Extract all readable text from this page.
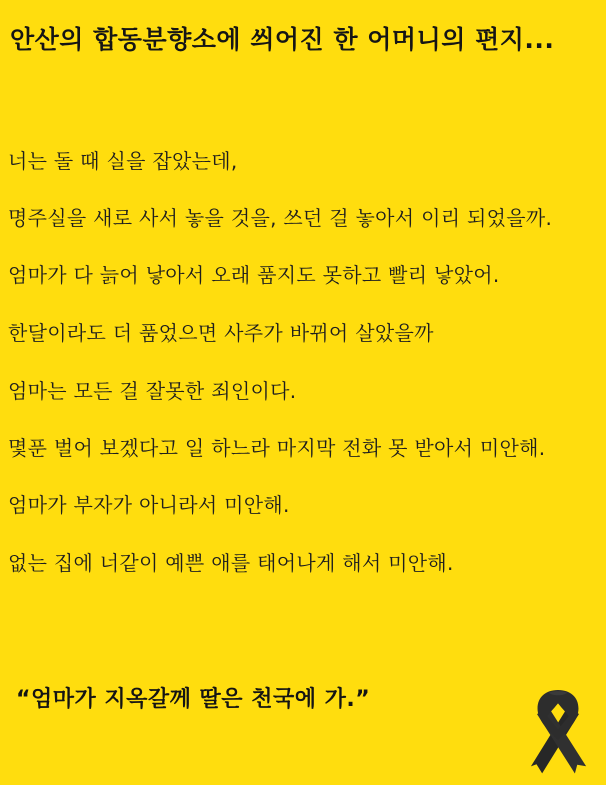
안산의 합동분향소에 씌어진 한 어머니의 편지...
너는 돌 때 실을 잡았는데,
명주실을 새로 사서 놓을 것을, 쓰던 걸 놓아서 이리 되었을까.
엄마가 다 늙어 낳아서 오래 품지도 못하고 빨리 낳았어.
한달이라도 더 품었으면 사주가 바뀌어 살았을까
엄마는 모든 걸 잘못한 죄인이다.
몇푼 벌어 보겠다고 일 하느라 마지막 전화 못 받아서 미안해.
엄마가 부자가 아니라서 미안해.
없는 집에 너같이 예쁜 애를 태어나게 해서 미안해.
“엄마가 지옥갈께 딸은 천국에 가.”
